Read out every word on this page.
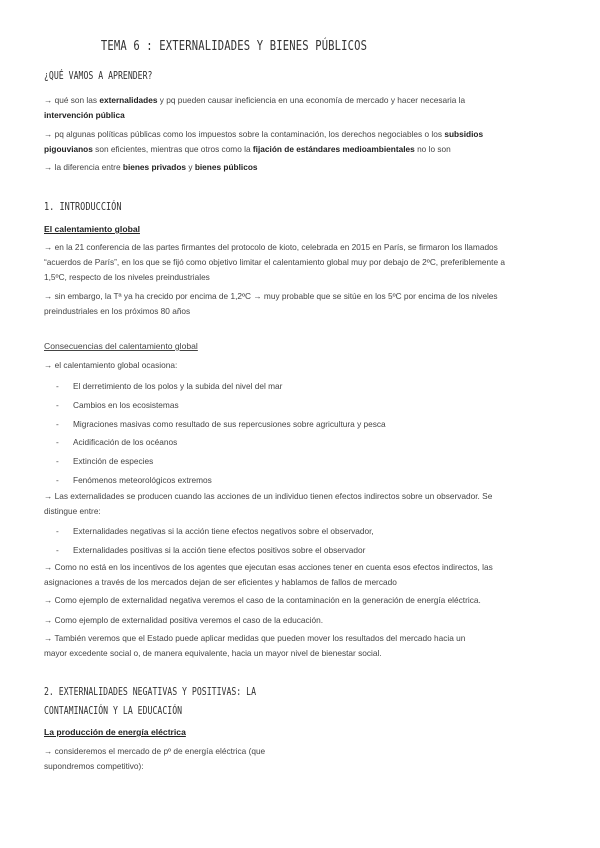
TEMA 6 : EXTERNALIDADES Y BIENES PÚBLICOS
¿QUÉ VAMOS A APRENDER?
→ qué son las externalidades y pq pueden causar ineficiencia en una economía de mercado y hacer necesaria la
intervención pública
→ pq algunas políticas públicas como los impuestos sobre la contaminación, los derechos negociables o los subsidios
pigouvianos son eficientes, mientras que otros como la fijación de estándares medioambientales no lo son
→ la diferencia entre bienes privados y bienes públicos
1. INTRODUCCIÓN
El calentamiento global
→ en la 21 conferencia de las partes firmantes del protocolo de kioto, celebrada en 2015 en París, se firmaron los llamados
“acuerdos de París”, en los que se fijó como objetivo limitar el calentamiento global muy por debajo de 2ºC, preferiblemente a
1,5ºC, respecto de los niveles preindustriales
→ sin embargo, la Tª ya ha crecido por encima de 1,2ºC → muy probable que se sitúe en los 5ºC por encima de los niveles
preindustriales en los próximos 80 años
Consecuencias del calentamiento global
→ el calentamiento global ocasiona:
- El derretimiento de los polos y la subida del nivel del mar
- Cambios en los ecosistemas
- Migraciones masivas como resultado de sus repercusiones sobre agricultura y pesca
- Acidificación de los océanos
- Extinción de especies
- Fenómenos meteorológicos extremos
→ Las externalidades se producen cuando las acciones de un individuo tienen efectos indirectos sobre un observador. Se
distingue entre:
- Externalidades negativas si la acción tiene efectos negativos sobre el observador,
- Externalidades positivas si la acción tiene efectos positivos sobre el observador
→ Como no está en los incentivos de los agentes que ejecutan esas acciones tener en cuenta esos efectos indirectos, las
asignaciones a través de los mercados dejan de ser eficientes y hablamos de fallos de mercado
→ Como ejemplo de externalidad negativa veremos el caso de la contaminación en la generación de energía eléctrica.
→ Como ejemplo de externalidad positiva veremos el caso de la educación.
→ También veremos que el Estado puede aplicar medidas que pueden mover los resultados del mercado hacia un
mayor excedente social o, de manera equivalente, hacia un mayor nivel de bienestar social.
2. EXTERNALIDADES NEGATIVAS Y POSITIVAS: LA CONTAMINACIÓN Y LA EDUCACIÓN
La producción de energía eléctrica
→ consideremos el mercado de pº de energía eléctrica (que
supondremos competitivo):
